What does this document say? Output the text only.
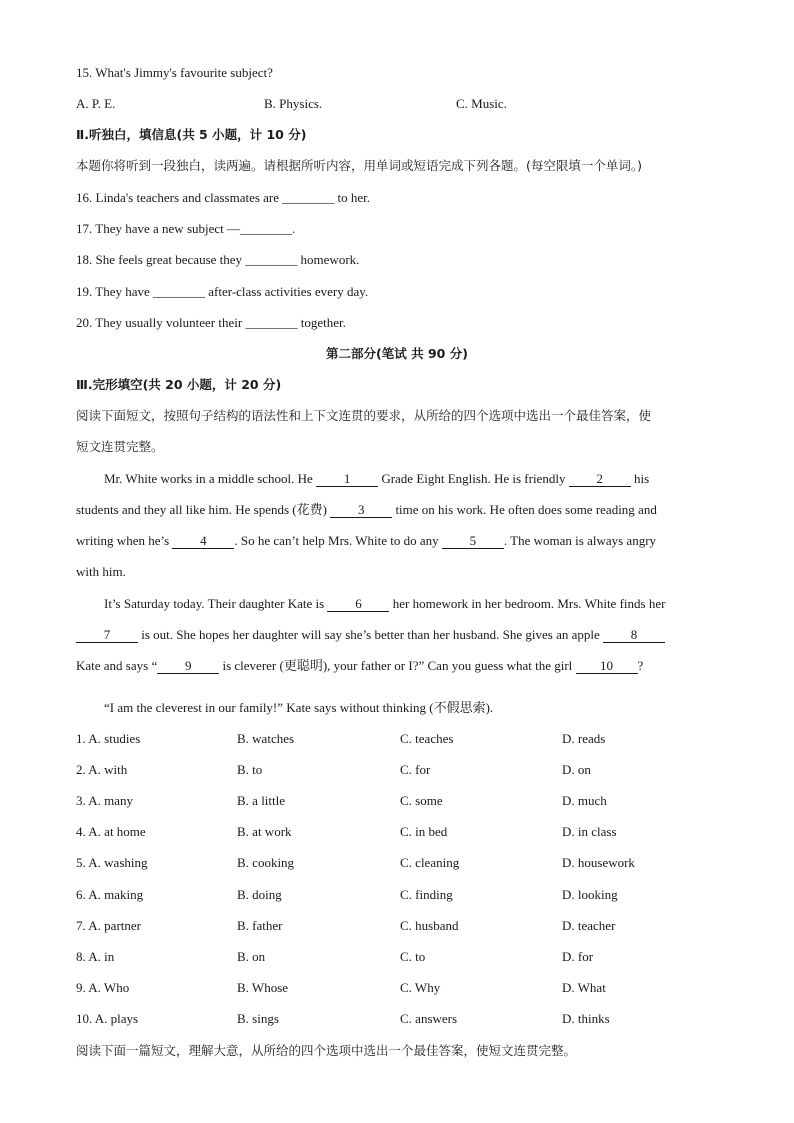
15. What's Jimmy's favourite subject?
A. P. E.	B. Physics.	C. Music.
Ⅱ.听独白，填信息(共 5 小题，计 10 分)
本题你将听到一段独白，读两遍。请根据所听内容，用单词或短语完成下列各题。(每空限填一个单词。)
16. Linda's teachers and classmates are ________ to her.
17. They have a new subject —________.
18. She feels great because they ________ homework.
19. They have ________ after-class activities every day.
20. They usually volunteer their ________ together.
第二部分(笔试 共 90 分)
Ⅲ.完形填空(共 20 小题，计 20 分)
阅读下面短文，按照句子结构的语法性和上下文连贯的要求，从所给的四个选项中选出一个最佳答案，使
短文连贯完整。
Mr. White works in a middle school. He 1 Grade Eight English. He is friendly 2 his
students and they all like him. He spends (花费) 3 time on his work. He often does some reading and
writing when he’s 4 . So he can’t help Mrs. White to do any 5 . The woman is always angry
with him.
It’s Saturday today. Their daughter Kate is 6 her homework in her bedroom. Mrs. White finds her
7 is out. She hopes her daughter will say she’s better than her husband. She gives an apple 8
Kate and says “ 9 is cleverer (更聪明), your father or I?” Can you guess what the girl 10 ?
“I am the cleverest in our family!” Kate says without thinking (不假思索).
1. A. studies	B. watches	C. teaches	D. reads
2. A. with	B. to	C. for	D. on
3. A. many	B. a little	C. some	D. much
4. A. at home	B. at work	C. in bed	D. in class
5. A. washing	B. cooking	C. cleaning	D. housework
6. A. making	B. doing	C. finding	D. looking
7. A. partner	B. father	C. husband	D. teacher
8. A. in	B. on	C. to	D. for
9. A. Who	B. Whose	C. Why	D. What
10. A. plays	B. sings	C. answers	D. thinks
阅读下面一篇短文，理解大意，从所给的四个选项中选出一个最佳答案，使短文连贯完整。
